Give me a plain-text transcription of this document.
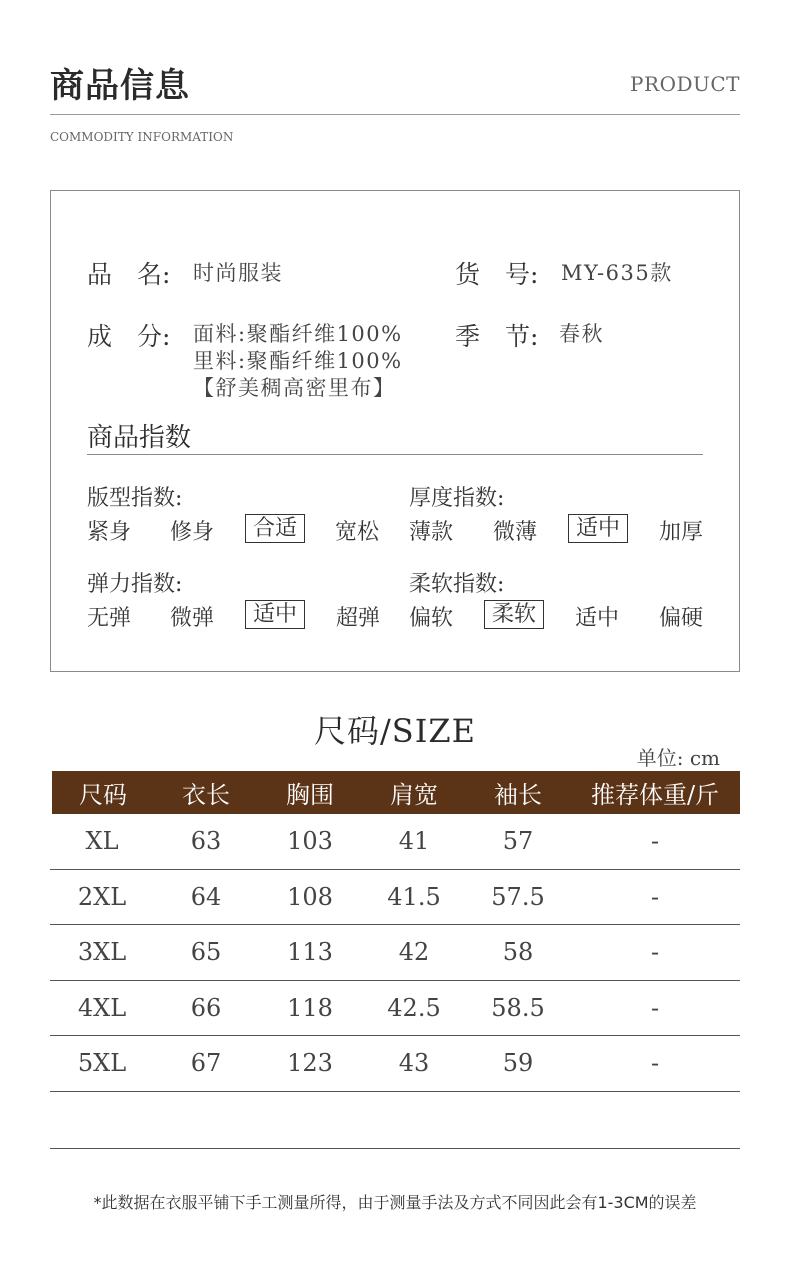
商品信息	PRODUCT
COMMODITY INFORMATION
品　名: 时尚服装	货　号: MY-635款
成　分: 面料:聚酯纤维100%
里料:聚酯纤维100%
【舒美稠高密里布】
季　节: 春秋
商品指数
版型指数:
紧身 修身	合适	宽松
厚度指数:
薄款 微薄	适中	加厚
弹力指数:
无弹 微弹	适中	超弹
柔软指数:
偏软	柔软	适中 偏硬
尺码/SIZE
单位: cm
尺码	衣长	胸围	肩宽	袖长	推荐体重/斤
XL	63	103	41	57	-
2XL	64	108	41.5	57.5	-
3XL	65	113	42	58	-
4XL	66	118	42.5	58.5	-
5XL	67	123	43	59	-
*此数据在衣服平铺下手工测量所得，由于测量手法及方式不同因此会有1-3CM的误差
